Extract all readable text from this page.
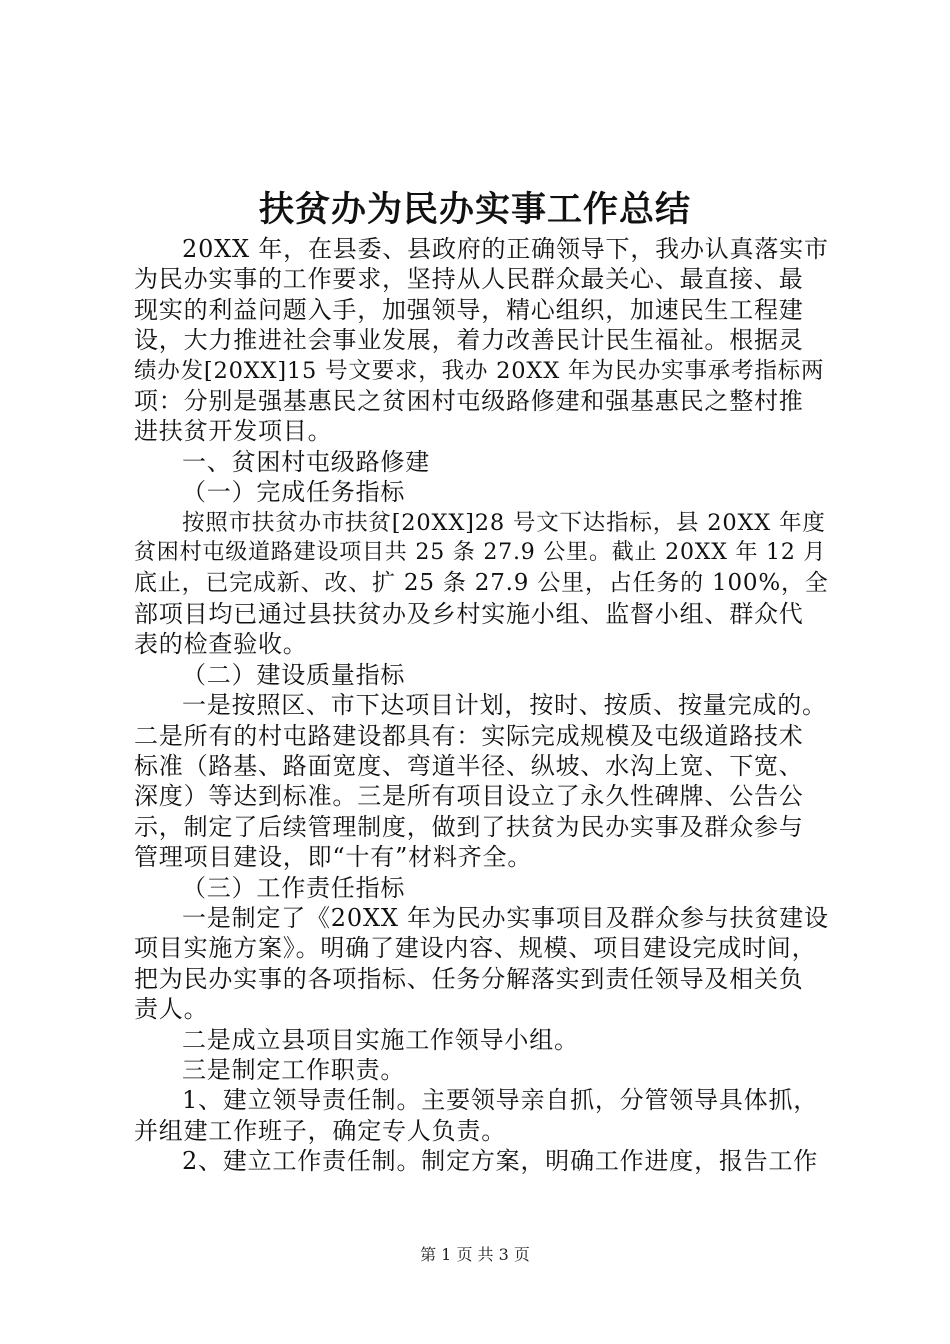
扶贫办为民办实事工作总结

20XX 年，在县委、县政府的正确领导下，我办认真落实市

为民办实事的工作要求，坚持从人民群众最关心、最直接、最

现实的利益问题入手，加强领导，精心组织，加速民生工程建

设，大力推进社会事业发展，着力改善民计民生福祉。根据灵

绩办发[20XX]15 号文要求，我办 20XX 年为民办实事承考指标两

项：分别是强基惠民之贫困村屯级路修建和强基惠民之整村推

进扶贫开发项目。

一、贫困村屯级路修建

（一）完成任务指标

按照市扶贫办市扶贫[20XX]28 号文下达指标，县 20XX 年度

贫困村屯级道路建设项目共 25 条 27.9 公里。截止 20XX 年 12 月

底止，已完成新、改、扩 25 条 27.9 公里，占任务的 100%，全

部项目均已通过县扶贫办及乡村实施小组、监督小组、群众代

表的检查验收。

（二）建设质量指标

一是按照区、市下达项目计划，按时、按质、按量完成的。

二是所有的村屯路建设都具有：实际完成规模及屯级道路技术

标准（路基、路面宽度、弯道半径、纵坡、水沟上宽、下宽、

深度）等达到标准。三是所有项目设立了永久性碑牌、公告公

示，制定了后续管理制度，做到了扶贫为民办实事及群众参与

管理项目建设，即“十有”材料齐全。

（三）工作责任指标

一是制定了《20XX 年为民办实事项目及群众参与扶贫建设

项目实施方案》。明确了建设内容、规模、项目建设完成时间，

把为民办实事的各项指标、任务分解落实到责任领导及相关负

责人。

二是成立县项目实施工作领导小组。

三是制定工作职责。

1、建立领导责任制。主要领导亲自抓，分管领导具体抓，

并组建工作班子，确定专人负责。

2、建立工作责任制。制定方案，明确工作进度，报告工作

第 1 页 共 3 页
